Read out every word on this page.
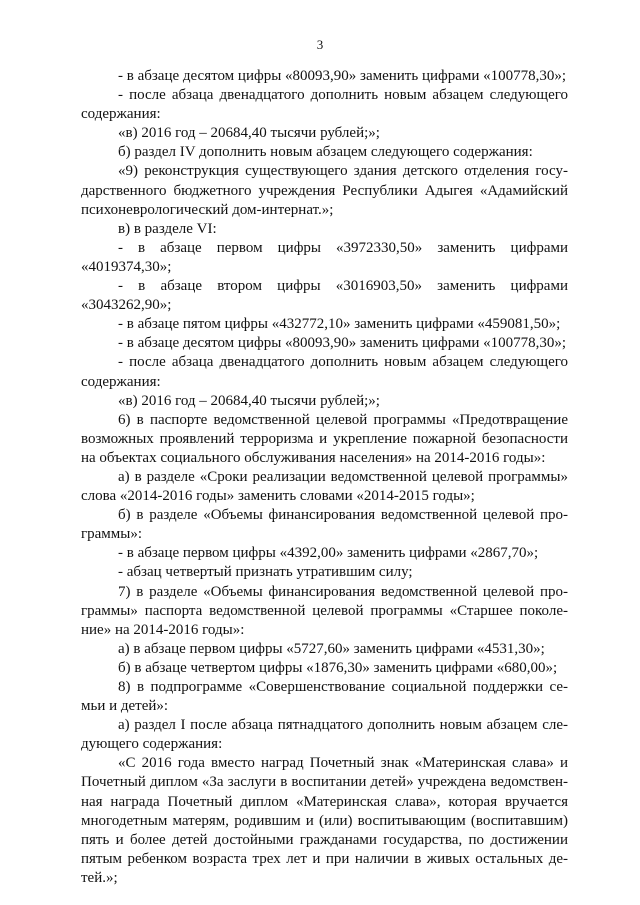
3

- в абзаце десятом цифры «80093,90» заменить цифрами «100778,30»;

- после абзаца двенадцатого дополнить новым абзацем следующего

содержания:

«в) 2016 год – 20684,40 тысячи рублей;»;

б) раздел IV дополнить новым абзацем следующего содержания:

«9) реконструкция существующего здания детского отделения госу-

дарственного бюджетного учреждения Республики Адыгея «Адамийский

психоневрологический дом-интернат.»;

в) в разделе VI:

- в абзаце первом цифры «3972330,50» заменить цифрами

«4019374,30»;

- в абзаце втором цифры «3016903,50» заменить цифрами

«3043262,90»;

- в абзаце пятом цифры «432772,10» заменить цифрами «459081,50»;

- в абзаце десятом цифры «80093,90» заменить цифрами «100778,30»;

- после абзаца двенадцатого дополнить новым абзацем следующего

содержания:

«в) 2016 год – 20684,40 тысячи рублей;»;

6) в паспорте ведомственной целевой программы «Предотвращение

возможных проявлений терроризма и укрепление пожарной безопасности

на объектах социального обслуживания населения» на 2014-2016 годы»:

а) в разделе «Сроки реализации ведомственной целевой программы»

слова «2014-2016 годы» заменить словами «2014-2015 годы»;

б) в разделе «Объемы финансирования ведомственной целевой про-

граммы»:

- в абзаце первом цифры «4392,00» заменить цифрами «2867,70»;

- абзац четвертый признать утратившим силу;

7) в разделе «Объемы финансирования ведомственной целевой про-

граммы» паспорта ведомственной целевой программы «Старшее поколе-

ние» на 2014-2016 годы»:

а) в абзаце первом цифры «5727,60» заменить цифрами «4531,30»;

б) в абзаце четвертом цифры «1876,30» заменить цифрами «680,00»;

8) в подпрограмме «Совершенствование социальной поддержки се-

мьи и детей»:

а) раздел I после абзаца пятнадцатого дополнить новым абзацем сле-

дующего содержания:

«С 2016 года вместо наград Почетный знак «Материнская слава» и

Почетный диплом «За заслуги в воспитании детей» учреждена ведомствен-

ная награда Почетный диплом «Материнская слава», которая вручается

многодетным матерям, родившим и (или) воспитывающим (воспитавшим)

пять и более детей достойными гражданами государства, по достижении

пятым ребенком возраста трех лет и при наличии в живых остальных де-

тей.»;
